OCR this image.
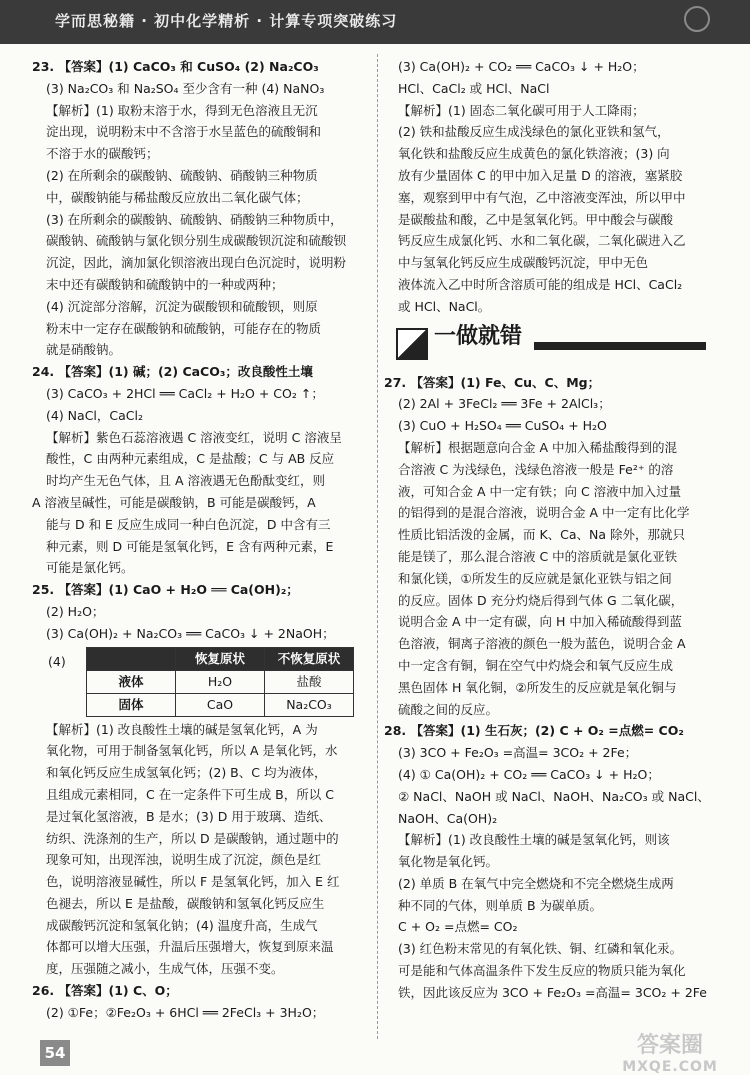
学而思秘籍 · 初中化学精析 · 计算专项突破练习
23. 【答案】(1) CaCO₃ 和 CuSO₄ (2) Na₂CO₃
(3) Na₂CO₃ 和 Na₂SO₄ 至少含有一种 (4) NaNO₃
【解析】(1) 取粉末溶于水，得到无色溶液且无沉
淀出现，说明粉末中不含溶于水呈蓝色的硫酸铜和
不溶于水的碳酸钙；
(2) 在所剩余的碳酸钠、硫酸钠、硝酸钠三种物质
中，碳酸钠能与稀盐酸反应放出二氧化碳气体；
(3) 在所剩余的碳酸钠、硫酸钠、硝酸钠三种物质中，
碳酸钠、硫酸钠与氯化钡分别生成碳酸钡沉淀和硫酸钡
沉淀，因此，滴加氯化钡溶液出现白色沉淀时，说明粉
末中还有碳酸钠和硫酸钠中的一种或两种；
(4) 沉淀部分溶解，沉淀为碳酸钡和硫酸钡，则原
粉末中一定存在碳酸钠和硫酸钠，可能存在的物质
就是硝酸钠。
24. 【答案】(1) 碱；(2) CaCO₃；改良酸性土壤
(3) CaCO₃ + 2HCl ══ CaCl₂ + H₂O + CO₂ ↑；
(4) NaCl，CaCl₂
【解析】紫色石蕊溶液遇 C 溶液变红，说明 C 溶液呈
酸性，C 由两种元素组成，C 是盐酸；C 与 AB 反应
时均产生无色气体，且 A 溶液遇无色酚酞变红，则
A 溶液呈碱性，可能是碳酸钠，B 可能是碳酸钙，A
能与 D 和 E 反应生成同一种白色沉淀，D 中含有三
种元素，则 D 可能是氢氧化钙，E 含有两种元素，E
可能是氯化钙。
25. 【答案】(1) CaO + H₂O ══ Ca(OH)₂；
(2) H₂O；
(3) Ca(OH)₂ + Na₂CO₃ ══ CaCO₃ ↓ + 2NaOH；
(4)
		恢复原状	不恢复原状
液体	H₂O	盐酸
固体	CaO	Na₂CO₃
【解析】(1) 改良酸性土壤的碱是氢氧化钙，A 为
氧化物，可用于制备氢氧化钙，所以 A 是氧化钙，水
和氧化钙反应生成氢氧化钙；(2) B、C 均为液体，
且组成元素相同，C 在一定条件下可生成 B，所以 C
是过氧化氢溶液，B 是水；(3) D 用于玻璃、造纸、
纺织、洗涤剂的生产，所以 D 是碳酸钠，通过题中的
现象可知，出现浑浊，说明生成了沉淀，颜色是红
色，说明溶液显碱性，所以 F 是氢氧化钙，加入 E 红
色褪去，所以 E 是盐酸，碳酸钠和氢氧化钙反应生
成碳酸钙沉淀和氢氧化钠；(4) 温度升高，生成气
体都可以增大压强，升温后压强增大，恢复到原来温
度，压强随之减小，生成气体，压强不变。
26. 【答案】(1) C、O；
(2) ①Fe；②Fe₂O₃ + 6HCl ══ 2FeCl₃ + 3H₂O；
(3) Ca(OH)₂ + CO₂ ══ CaCO₃ ↓ + H₂O；
HCl、CaCl₂ 或 HCl、NaCl
【解析】(1) 固态二氧化碳可用于人工降雨；
(2) 铁和盐酸反应生成浅绿色的氯化亚铁和氢气，
氧化铁和盐酸反应生成黄色的氯化铁溶液；(3) 向
放有少量固体 C 的甲中加入足量 D 的溶液，塞紧胶
塞，观察到甲中有气泡，乙中溶液变浑浊，所以甲中
是碳酸盐和酸，乙中是氢氧化钙。甲中酸会与碳酸
钙反应生成氯化钙、水和二氧化碳，二氧化碳进入乙
中与氢氧化钙反应生成碳酸钙沉淀，甲中无色
液体流入乙中时所含溶质可能的组成是 HCl、CaCl₂
或 HCl、NaCl。
一做就错
27. 【答案】(1) Fe、Cu、C、Mg；
(2) 2Al + 3FeCl₂ ══ 3Fe + 2AlCl₃；
(3) CuO + H₂SO₄ ══ CuSO₄ + H₂O
【解析】根据题意向合金 A 中加入稀盐酸得到的混
合溶液 C 为浅绿色，浅绿色溶液一般是 Fe²⁺ 的溶
液，可知合金 A 中一定有铁；向 C 溶液中加入过量
的铝得到的是混合溶液，说明合金 A 中一定有比化学
性质比铝活泼的金属，而 K、Ca、Na 除外，那就只
能是镁了，那么混合溶液 C 中的溶质就是氯化亚铁
和氯化镁，①所发生的反应就是氯化亚铁与铝之间
的反应。固体 D 充分灼烧后得到气体 G 二氧化碳，
说明合金 A 中一定有碳，向 H 中加入稀硫酸得到蓝
色溶液，铜离子溶液的颜色一般为蓝色，说明合金 A
中一定含有铜，铜在空气中灼烧会和氧气反应生成
黑色固体 H 氧化铜，②所发生的反应就是氧化铜与
硫酸之间的反应。
28. 【答案】(1) 生石灰；(2) C + O₂ =点燃= CO₂
(3) 3CO + Fe₂O₃ =高温= 3CO₂ + 2Fe；
(4) ① Ca(OH)₂ + CO₂ ══ CaCO₃ ↓ + H₂O；
② NaCl、NaOH 或 NaCl、NaOH、Na₂CO₃ 或 NaCl、
NaOH、Ca(OH)₂
【解析】(1) 改良酸性土壤的碱是氢氧化钙，则该
氧化物是氧化钙。
(2) 单质 B 在氧气中完全燃烧和不完全燃烧生成两
种不同的气体，则单质 B 为碳单质。
C + O₂ =点燃= CO₂
(3) 红色粉末常见的有氧化铁、铜、红磷和氧化汞。
可是能和气体高温条件下发生反应的物质只能为氧化
铁，因此该反应为 3CO + Fe₂O₃ =高温= 3CO₂ + 2Fe
54	答案圈
MXQE.COM
